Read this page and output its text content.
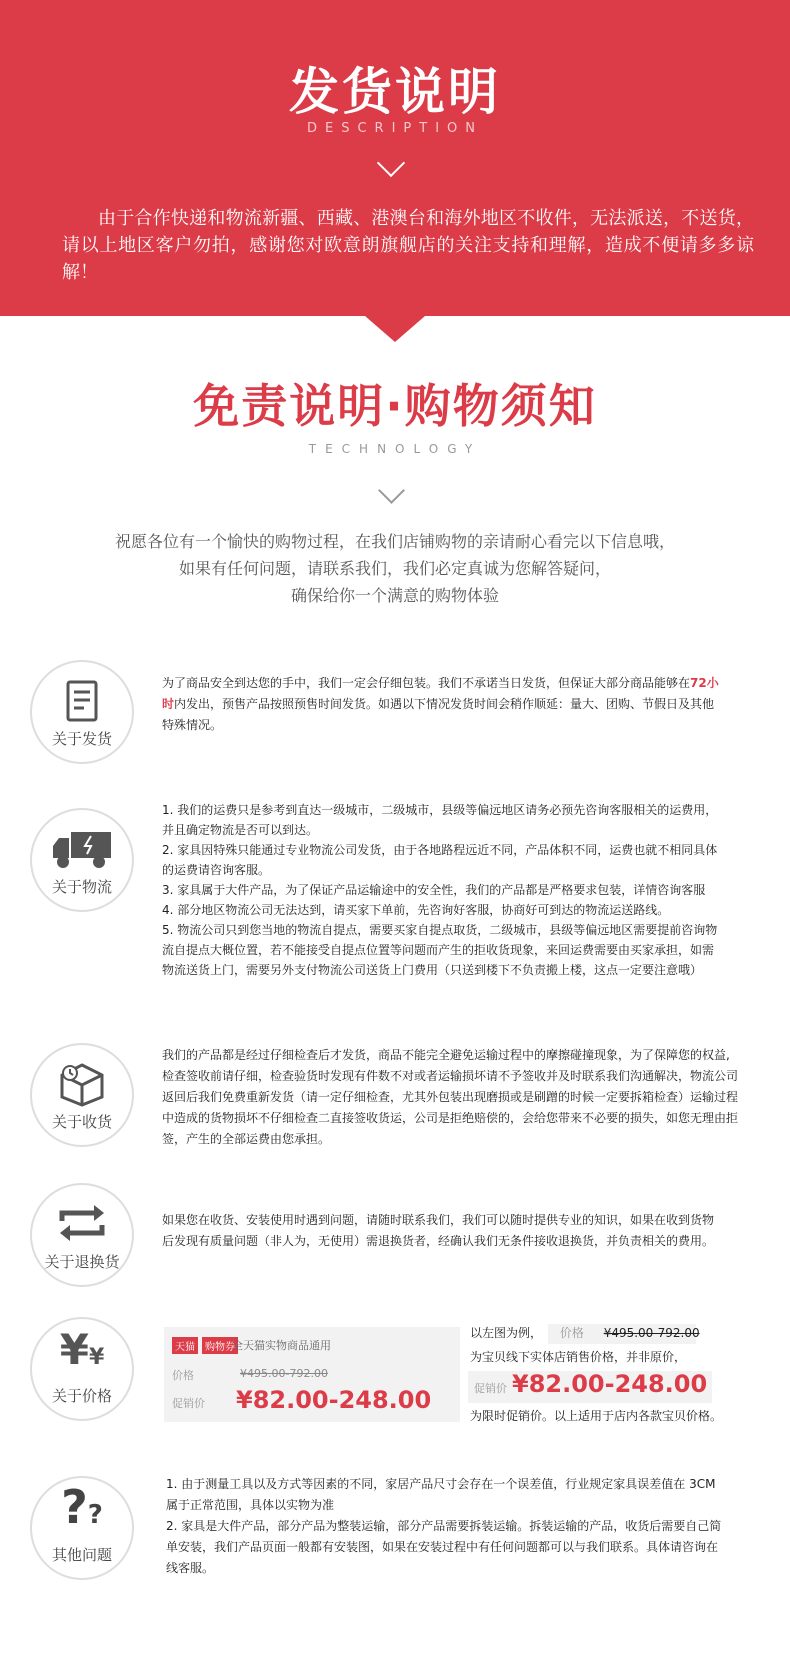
发货说明
DESCRIPTION
由于合作快递和物流新疆、西藏、港澳台和海外地区不收件，无法派送，不送货，请以上地区客户勿拍，感谢您对欧意朗旗舰店的关注支持和理解，造成不便请多多谅解！
免责说明·购物须知
TECHNOLOGY
祝愿各位有一个愉快的购物过程，在我们店铺购物的亲请耐心看完以下信息哦，
如果有任何问题，请联系我们，我们必定真诚为您解答疑问，
确保给你一个满意的购物体验
关于发货
为了商品安全到达您的手中，我们一定会仔细包装。我们不承诺当日发货，但保证大部分商品能够在72小时内发出，预售产品按照预售时间发货。如遇以下情况发货时间会稍作顺延：量大、团购、节假日及其他特殊情况。
关于物流

1. 我们的运费只是参考到直达一级城市，二级城市，县级等偏远地区请务必预先咨询客服相关的运费用，并且确定物流是否可以到达。

2. 家具因特殊只能通过专业物流公司发货，由于各地路程远近不同，产品体积不同，运费也就不相同具体的运费请咨询客服。

3. 家具属于大件产品，为了保证产品运输途中的安全性，我们的产品都是严格要求包装，详情咨询客服

4. 部分地区物流公司无法达到，请买家下单前，先咨询好客服，协商好可到达的物流运送路线。

5. 物流公司只到您当地的物流自提点，需要买家自提点取货，二级城市，县级等偏远地区需要提前咨询物流自提点大概位置，若不能接受自提点位置等问题而产生的拒收货现象，来回运费需要由买家承担，如需物流送货上门，需要另外支付物流公司送货上门费用（只送到楼下不负责搬上楼，这点一定要注意哦）

关于收货
我们的产品都是经过仔细检查后才发货，商品不能完全避免运输过程中的摩擦碰撞现象，为了保障您的权益,检查签收前请仔细，检查验货时发现有件数不对或者运输损坏请不予签收并及时联系我们沟通解决，物流公司返回后我们免费重新发货（请一定仔细检查，尤其外包装出现磨损或是刷蹭的时候一定要拆箱检查）运输过程中造成的货物损坏不仔细检查二直接签收货运，公司是拒绝赔偿的，会给您带来不必要的损失，如您无理由拒签，产生的全部运费由您承担。
关于退换货
如果您在收货、安装使用时遇到问题，请随时联系我们，我们可以随时提供专业的知识，如果在收到货物后发现有质量问题（非人为，无使用）需退换货者，经确认我们无条件接收退换货，并负责相关的费用。
¥¥
关于价格
天猫	购物券
全天猫实物商品通用
价格	¥495.00-792.00
促销价 ¥82.00-248.00
以左图为例， 价格 ¥495.00-792.00
为宝贝线下实体店销售价格，并非原价，
促销价 ¥82.00-248.00
为限时促销价。以上适用于店内各款宝贝价格。
??
其他问题

1. 由于测量工具以及方式等因素的不同，家居产品尺寸会存在一个误差值，行业规定家具误差值在 3CM属于正常范围，具体以实物为准

2. 家具是大件产品，部分产品为整装运输，部分产品需要拆装运输。拆装运输的产品，收货后需要自己简单安装，我们产品页面一般都有安装图，如果在安装过程中有任何问题都可以与我们联系。具体请咨询在线客服。
